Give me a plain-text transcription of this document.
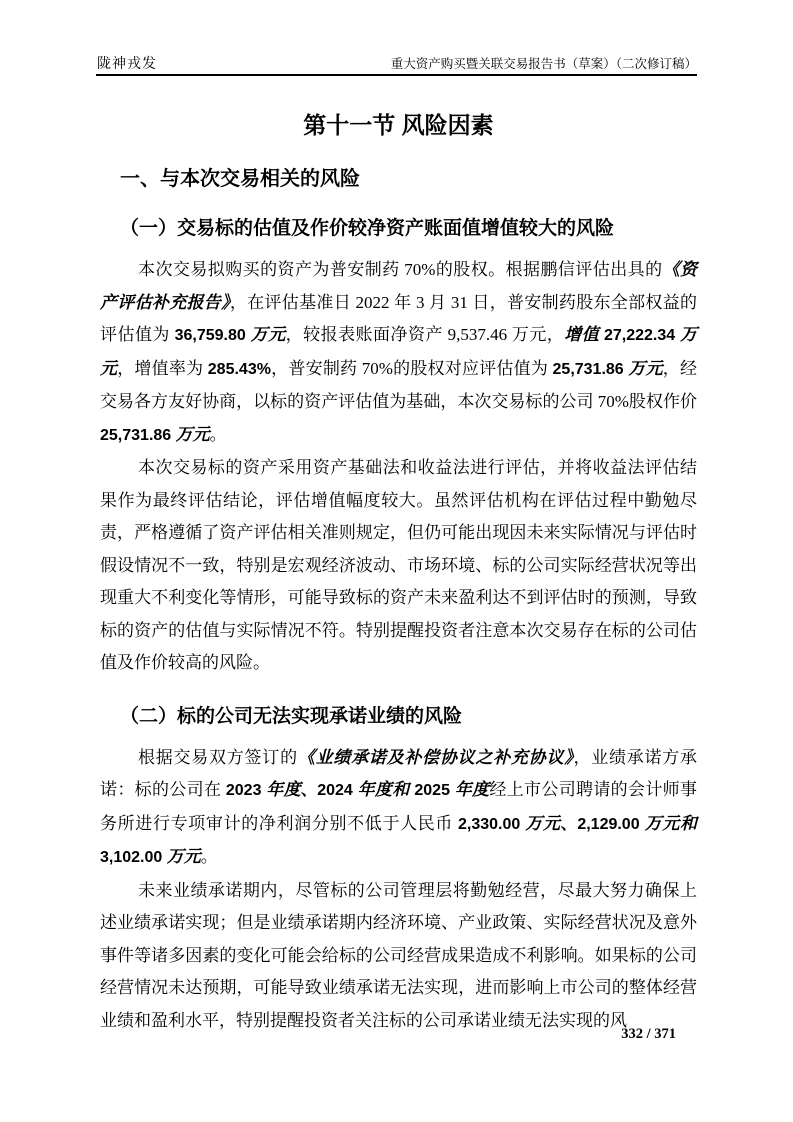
陇神戎发	重大资产购买暨关联交易报告书（草案）（二次修订稿）
第十一节 风险因素
一、与本次交易相关的风险
（一）交易标的估值及作价较净资产账面值增值较大的风险

本次交易拟购买的资产为普安制药 70%的股权。根据鹏信评估出具的《资产评估补充报告》，在评估基准日 2022 年 3 月 31 日，普安制药股东全部权益的评估值为 36,759.80 万元，较报表账面净资产 9,537.46 万元，增值 27,222.34 万元，增值率为 285.43%，普安制药 70%的股权对应评估值为 25,731.86 万元，经交易各方友好协商，以标的资产评估值为基础，本次交易标的公司 70%股权作价 25,731.86 万元。

本次交易标的资产采用资产基础法和收益法进行评估，并将收益法评估结果作为最终评估结论，评估增值幅度较大。虽然评估机构在评估过程中勤勉尽责，严格遵循了资产评估相关准则规定，但仍可能出现因未来实际情况与评估时假设情况不一致，特别是宏观经济波动、市场环境、标的公司实际经营状况等出现重大不利变化等情形，可能导致标的资产未来盈利达不到评估时的预测，导致标的资产的估值与实际情况不符。特别提醒投资者注意本次交易存在标的公司估值及作价较高的风险。

（二）标的公司无法实现承诺业绩的风险

根据交易双方签订的《业绩承诺及补偿协议之补充协议》，业绩承诺方承诺：标的公司在 2023 年度、2024 年度和 2025 年度经上市公司聘请的会计师事务所进行专项审计的净利润分别不低于人民币 2,330.00 万元、2,129.00 万元和 3,102.00 万元。

未来业绩承诺期内，尽管标的公司管理层将勤勉经营，尽最大努力确保上述业绩承诺实现；但是业绩承诺期内经济环境、产业政策、实际经营状况及意外事件等诸多因素的变化可能会给标的公司经营成果造成不利影响。如果标的公司经营情况未达预期，可能导致业绩承诺无法实现，进而影响上市公司的整体经营业绩和盈利水平，特别提醒投资者关注标的公司承诺业绩无法实现的风

332 / 371
